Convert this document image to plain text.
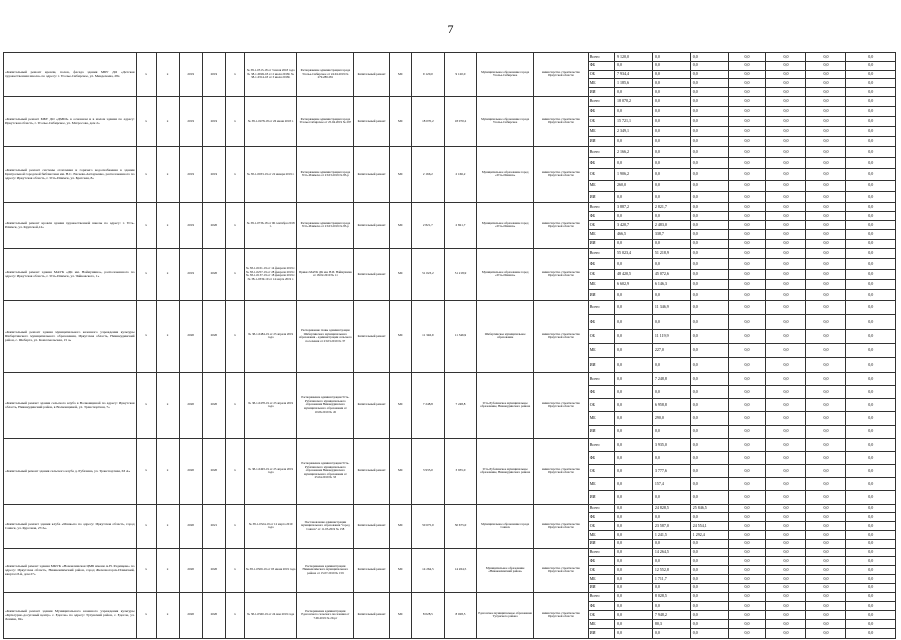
7
«Капитальный ремонт кровли, полов, фасада здания МБУ ДО «Детская художественная школа» по адресу: г. Усолье-Сибирское, ул. Менделеева, 28а	х	х	2019	2019	х	№ 38-1-0513-18 от 3 июля 2018 года № 38-1-0049-18 от 2 июля 2018г. № 38-1-0314-18 от 3 июля 2018г.	Распоряжение администрации города Усолье-Сибирское от 24.04.2019 № 279.280.281	Капитальный ремонт	МС	9 120,0	9 120,0	Муниципальное образование города Усолье-Сибирское	министерство строительства Иркутской области	Всего	9 120,0	0,0	0,0	0,0	0,0	0,0	0,0
														ФБ	0,0	0,0	0,0	0,0	0,0	0,0	0,0
														ОБ	7 934,4	0,0	0,0	0,0	0,0	0,0	0,0
														МБ	1 185,6	0,0	0,0	0,0	0,0	0,0	0,0
														ИИ	0,0	0,0	0,0	0,0	0,0	0,0	0,0
«Капитальный ремонт МБУ ДО «ДМШ» в основном и в малом здании по адресу: Иркутская область, г. Усолье-Сибирское, ул. Матросова, дом 2»	х	х	2019	2019	х	№ 38-1-0478-18 от 26 июня 2018 г.	Распоряжение администрации города Усолье-Сибирское от 25.04.2019 № 297	Капитальный ремонт	МС	18 070,2	18 070,2	Муниципальное образование города Усолье-Сибирское	министерство строительства Иркутской области	Всего	18 070,2	0,0	0,0	0,0	0,0	0,0	0,0
														ФБ	0,0	0,0	0,0	0,0	0,0	0,0	0,0
														ОБ	15 721,1	0,0	0,0	0,0	0,0	0,0	0,0
														МБ	2 349,1	0,0	0,0	0,0	0,0	0,0	0,0
														ИИ	0,0	0,0	0,0	0,0	0,0	0,0	0,0
«Капитальный ремонт системы отопления и горячего водоснабжения в здании Центральной городской библиотеки им. Н.С. Евсеева-Антарченко, расположенного по адресу: Иркутская область, г. Усть-Илимск, ул. Братская, 8»	х	х	2019	2019	х	№ 38-1-0033-19 от 22 января 2019 г.	Распоряжение администрации города Усть-Илимска от 23.03.2019 № 83-р	Капитальный ремонт	МС	2 166,2	2 166,2	Муниципальное образование город «Усть-Илимск»	министерство строительства Иркутской области	Всего	2 166,2	0,0	0,0	0,0	0,0	0,0	0,0
														ФБ	0,0	0,0	0,0	0,0	0,0	0,0	0,0
														ОБ	1 906,2	0,0	0,0	0,0	0,0	0,0	0,0
														МБ	260,0	0,0	0,0	0,0	0,0	0,0	0,0
														ИИ	0,0	0,0	0,0	0,0	0,0	0,0	0,0
«Капитальный ремонт кровли здания художественной школы по адресу: г. Усть-Илимск, ул. Крупской,12»	х	х	2019	2020	х	№ 38-1-0736-18 от 06 сентября 2018 г.	Распоряжение администрации города Усть-Илимска от 23.03.2019 № 83-р	Капитальный ремонт	МС	2 821,7	2 821,7	Муниципальное образование город «Усть-Илимск»	министерство строительства Иркутской области	Всего	3 887,2	2 821,7	0,0	0,0	0,0	0,0	0,0
														ФБ	0,0	0,0	0,0	0,0	0,0	0,0	0,0
														ОБ	3 420,7	2 483,0	0,0	0,0	0,0	0,0	0,0
														МБ	466,5	338,7	0,0	0,0	0,0	0,0	0,0
														ИИ	0,0	0,0	0,0	0,0	0,0	0,0	0,0
«Капитальный ремонт здания МАУК «ДК им. Наймушина», расположенного по адресу: Иркутская область, г. Усть-Илимск, ул. Чайковского, 1»	х	х	2019	2020	х	№ 38-1-0101-19 от 14 февраля 2019 г. № 38-1-0257-19 от 28 февраля 2019 г. № 38-1-0137-19 от 18 февраля 2019 г. № 38-1-0339-19 от 14 марта 2019 г.	Приказ МАУК ДК им. Н.И. Наймушина от 18.02.2019 № 11	Капитальный ремонт	МС	51 023,2	51 218,9	Муниципальное образование город «Усть-Илимск»	министерство строительства Иркутской области	Всего	55 023,4	51 218,9	0,0	0,0	0,0	0,0	0,0
														ФБ	0,0	0,0	0,0	0,0	0,0	0,0	0,0
														ОБ	48 420,5	45 072,6	0,0	0,0	0,0	0,0	0,0
														МБ	6 602,9	6 146,3	0,0	0,0	0,0	0,0	0,0
														ИИ	0,0	0,0	0,0	0,0	0,0	0,0	0,0
«Капитальный ремонт здания муниципального казенного учреждения культуры Шебертинского муниципального образования, Иркутская область, Нижнеудинский район, с. Шеберта, ул. Комсомольская, 15 а»	х	х	2020	2020	х	№ 38-1-0484-19 от 23 апреля 2019 года	Распоряжение главы администрации Шебертинского муниципального образования - администрации сельского поселения от 23.03.2019 № 37	Капитальный ремонт	МС	11 346,9	11 346,9	Шебертинское муниципальное образование	министерство строительства Иркутской области	Всего	0,0	11 346,9	0,0	0,0	0,0	0,0	0,0
														ФБ	0,0	0,0	0,0	0,0	0,0	0,0	0,0
														ОБ	0,0	11 119,9	0,0	0,0	0,0	0,0	0,0
														МБ	0,0	227,0	0,0	0,0	0,0	0,0	0,0
														ИИ	0,0	0,0	0,0	0,0	0,0	0,0	0,0
«Капитальный ремонт здания сельского клуба в Волковщиной по адресу: Иркутская область, Нижнеудинский район, в Волковщиной, ул. Транспортная, 7»	х	х	2020	2020	х	№ 38-1-0478-19 от 23 апреля 2019 года	Распоряжение администрации Усть-Рубахинского муниципального образования Нижнеудинского муниципального образования от 10.06.2019 № 45	Капитальный ремонт	МС	7 248,8	7 248,8	Усть-Рубахинское муниципальное образование, Нижнеудинского района	министерство строительства Иркутской области	Всего	0,0	7 248,8	0,0	0,0	0,0	0,0	0,0
														ФБ	0,0	0,0	0,0	0,0	0,0	0,0	0,0
														ОБ	0,0	6 958,8	0,0	0,0	0,0	0,0	0,0
														МБ	0,0	290,0	0,0	0,0	0,0	0,0	0,0
														ИИ	0,0	0,0	0,0	0,0	0,0	0,0	0,0
«Капитальный ремонт здания сельского клуба д. Рубахина, ул. Транспортная, 63 А»	х	х	2020	2020	х	№ 38-1-0493-19 от 25 апреля 2019 года	Распоряжение администрации Усть-Рубахинского муниципального образования Нижнеудинского муниципального образования от 25.04.2019 № 33	Капитальный ремонт	МС	3 935,0	3 935,0	Усть-Рубахинское муниципальное образование, Нижнеудинского района	министерство строительства Иркутской области	Всего	0,0	3 935,0	0,0	0,0	0,0	0,0	0,0
														ФБ	0,0	0,0	0,0	0,0	0,0	0,0	0,0
														ОБ	0,0	3 777,6	0,0	0,0	0,0	0,0	0,0
														МБ	0,0	157,4	0,0	0,0	0,0	0,0	0,0
														ИИ	0,0	0,0	0,0	0,0	0,0	0,0	0,0
«Капитальный ремонт здания клуба «Маяк»по по адресу: Иркутская область, город Саянск, ул. Курсовая, 27/А»	х	х	2020	2021	х	№ 38-1-0324-19 от 12 марта 2019 года	Постановление администрации муниципального образования "город Саянск" от 11.03.2019 № 158	Капитальный ремонт	МС	50 675,0	50 675,0	Муниципальное образование города Саянск	министерство строительства Иркутской области	Всего	0,0	24 828,5	25 846,5	0,0	0,0	0,0	0,0
														ФБ	0,0	0,0	0,0	0,0	0,0	0,0	0,0
														ОБ	0,0	23 587,0	24 554,1	0,0	0,0	0,0	0,0
														МБ	0,0	1 241,5	1 292,4	0,0	0,0	0,0	0,0
														ИИ	0,0	0,0	0,0	0,0	0,0	0,0	0,0
«Капитальный ремонт здания МКУК «Новоилимская ЦМБ имени А.Н. Радищева» по адресу: Иркутская область, Нижнеилимский район, город Железногорск-Илимский, квартал 8-й, дом 27»	х	х	2020	2020	х	№ 38-1-0509-19 от 03 июня 2019 года	Распоряжение администрации Нижнеилимского муниципального района от 15.07.2019 № 159	Капитальный ремонт	МС	14 264,5	14 264,5	Муниципальное образование «Нижнеилимский район»	министерство строительства Иркутской области	Всего	0,0	14 264,5	0,0	0,0	0,0	0,0	0,0
														ФБ	0,0	0,0	0,0	0,0	0,0	0,0	0,0
														ОБ	0,0	12 552,8	0,0	0,0	0,0	0,0	0,0
														МБ	0,0	1 711,7	0,0	0,0	0,0	0,0	0,0
														ИИ	0,0	0,0	0,0	0,0	0,0	0,0	0,0
«Капитальный ремонт здания Муниципального казенного учреждения культуры «Культурно-досуговый центр» с. Едогон» по адресу: Тулунский район, с. Едогон, ул. Ленина, 92»	х	х	2020	2020	х	№ 38-1-0560-19 от 24 мая 2019 года	Распоряжение администрации Едогонского сельского поселения от 7.06.2019 № 29-рг	Капитальный ремонт	МС	8 028,5	8 028,5	Едогонское муниципальное образование Тулунского района	министерство строительства Иркутской области	Всего	0,0	8 028,5	0,0	0,0	0,0	0,0	0,0
														ФБ	0,0	0,0	0,0	0,0	0,0	0,0	0,0
														ОБ	0,0	7 948,2	0,0	0,0	0,0	0,0	0,0
														МБ	0,0	80,3	0,0	0,0	0,0	0,0	0,0
														ИИ	0,0	0,0	0,0	0,0	0,0	0,0	0,0
